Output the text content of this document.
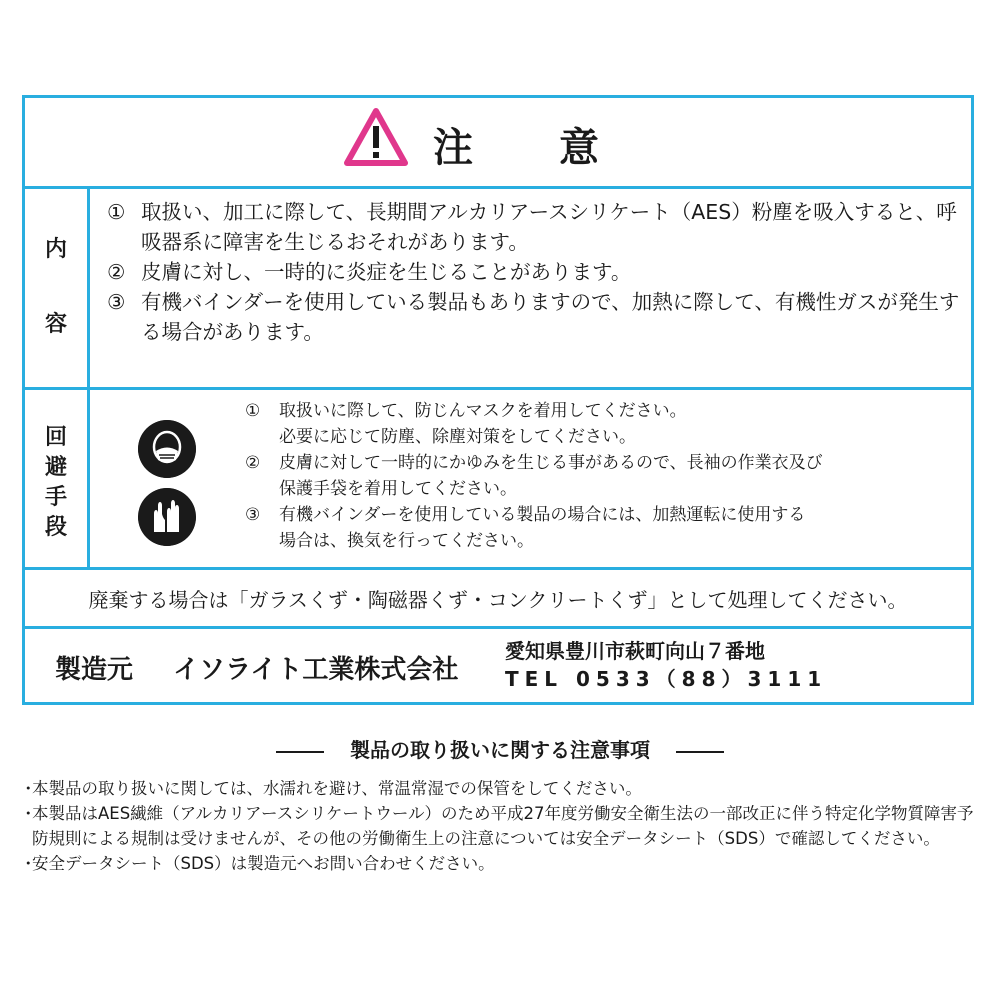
注 意
内
容
① 取扱い、加工に際して、長期間アルカリアースシリケート（AES）粉塵を吸入すると、呼吸器系に障害を生じるおそれがあります。
② 皮膚に対し、一時的に炎症を生じることがあります。
③ 有機バインダーを使用している製品もありますので、加熱に際して、有機性ガスが発生する場合があります。
回
避
手
段
①	取扱いに際して、防じんマスクを着用してください。
必要に応じて防塵、除塵対策をしてください。
②	皮膚に対して一時的にかゆみを生じる事があるので、長袖の作業衣及び
保護手袋を着用してください。
③	有機バインダーを使用している製品の場合には、加熱運転に使用する
場合は、換気を行ってください。
廃棄する場合は「ガラスくず・陶磁器くず・コンクリートくず」として処理してください。
製造元 イソライト工業株式会社
愛知県豊川市萩町向山７番地
TEL 0533（88）3111
製品の取り扱いに関する注意事項
・
本製品の取り扱いに関しては、水濡れを避け、常温常湿での保管をしてください。
・
本製品はAES繊維（アルカリアースシリケートウール）のため平成27年度労働安全衛生法の一部改正に伴う特定化学物質障害予防規則による規制は受けませんが、その他の労働衛生上の注意については安全データシート（SDS）で確認してください。
・
安全データシート（SDS）は製造元へお問い合わせください。
